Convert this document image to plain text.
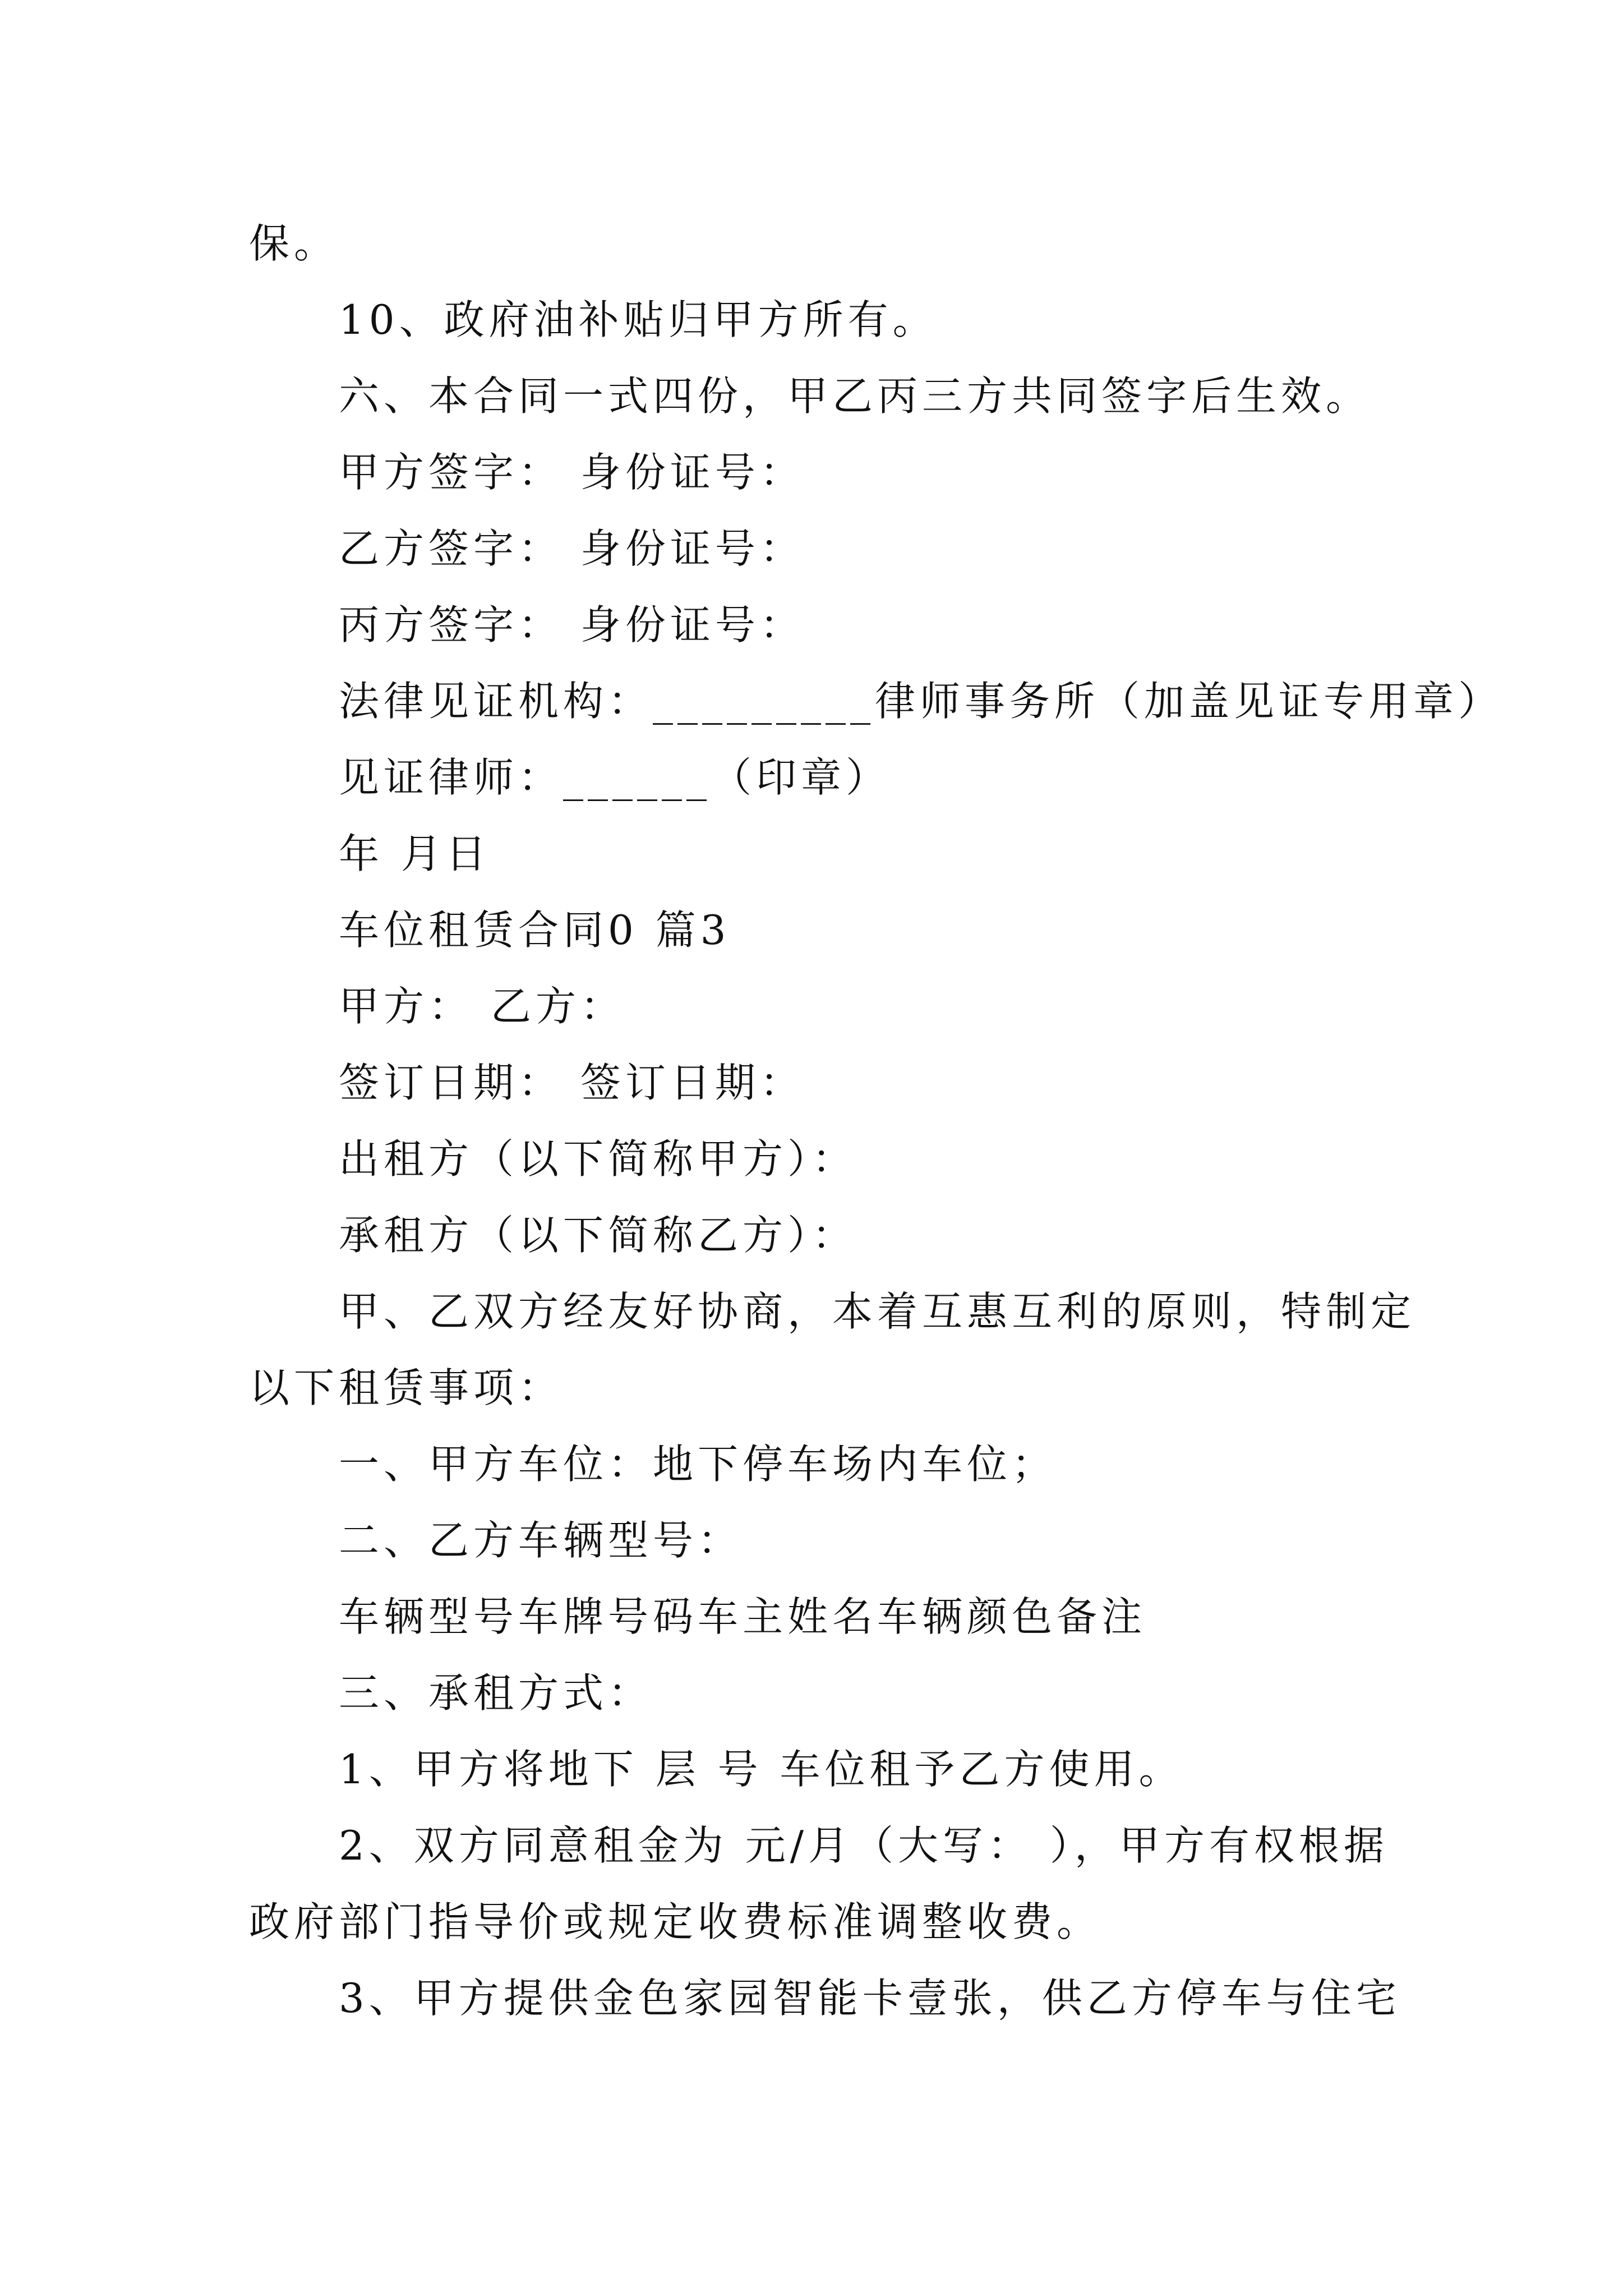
保。
10、政府油补贴归甲方所有。
六、本合同一式四份，甲乙丙三方共同签字后生效。
甲方签字： 身份证号：
乙方签字： 身份证号：
丙方签字： 身份证号：
法律见证机构：_________律师事务所（加盖见证专用章）
见证律师：______（印章）
年 月日
车位租赁合同0 篇3
甲方： 乙方：
签订日期： 签订日期：
出租方（以下简称甲方）：
承租方（以下简称乙方）：
甲、乙双方经友好协商，本着互惠互利的原则，特制定
以下租赁事项：
一、甲方车位：地下停车场内车位；
二、乙方车辆型号：
车辆型号车牌号码车主姓名车辆颜色备注
三、承租方式：
1、甲方将地下 层 号 车位租予乙方使用。
2、双方同意租金为 元/月（大写： ），甲方有权根据
政府部门指导价或规定收费标准调整收费。
3、甲方提供金色家园智能卡壹张，供乙方停车与住宅
